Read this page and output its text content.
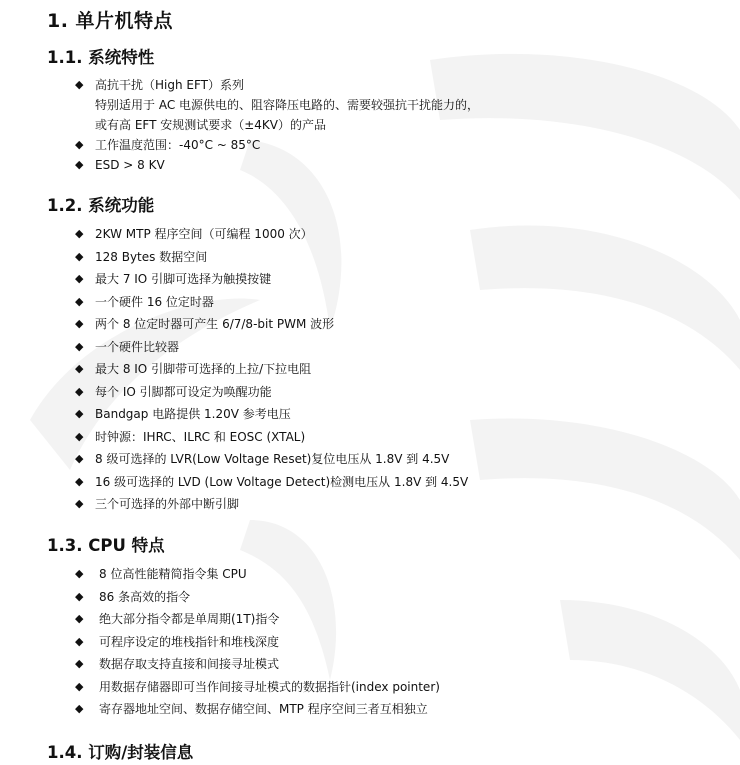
1. 单片机特点
1.1. 系统特性
◆ 高抗干扰（High EFT）系列
特别适用于 AC 电源供电的、阻容降压电路的、需要较强抗干扰能力的，
或有高 EFT 安规测试要求（±4KV）的产品
◆ 工作温度范围：-40°C ~ 85°C
◆ ESD > 8 KV
1.2. 系统功能
◆ 2KW MTP 程序空间（可编程 1000 次）
◆ 128 Bytes 数据空间
◆ 最大 7 IO 引脚可选择为触摸按键
◆ 一个硬件 16 位定时器
◆ 两个 8 位定时器可产生 6/7/8-bit PWM 波形
◆ 一个硬件比较器
◆ 最大 8 IO 引脚带可选择的上拉/下拉电阻
◆ 每个 IO 引脚都可设定为唤醒功能
◆ Bandgap 电路提供 1.20V 参考电压
◆ 时钟源：IHRC、ILRC 和 EOSC (XTAL)
◆ 8 级可选择的 LVR(Low Voltage Reset)复位电压从 1.8V 到 4.5V
◆ 16 级可选择的 LVD (Low Voltage Detect)检测电压从 1.8V 到 4.5V
◆ 三个可选择的外部中断引脚
1.3. CPU 特点
◆ 8 位高性能精简指令集 CPU
◆ 86 条高效的指令
◆ 绝大部分指令都是单周期(1T)指令
◆ 可程序设定的堆栈指针和堆栈深度
◆ 数据存取支持直接和间接寻址模式
◆ 用数据存储器即可当作间接寻址模式的数据指针(index pointer)
◆ 寄存器地址空间、数据存储空间、MTP 程序空间三者互相独立
1.4. 订购/封装信息
